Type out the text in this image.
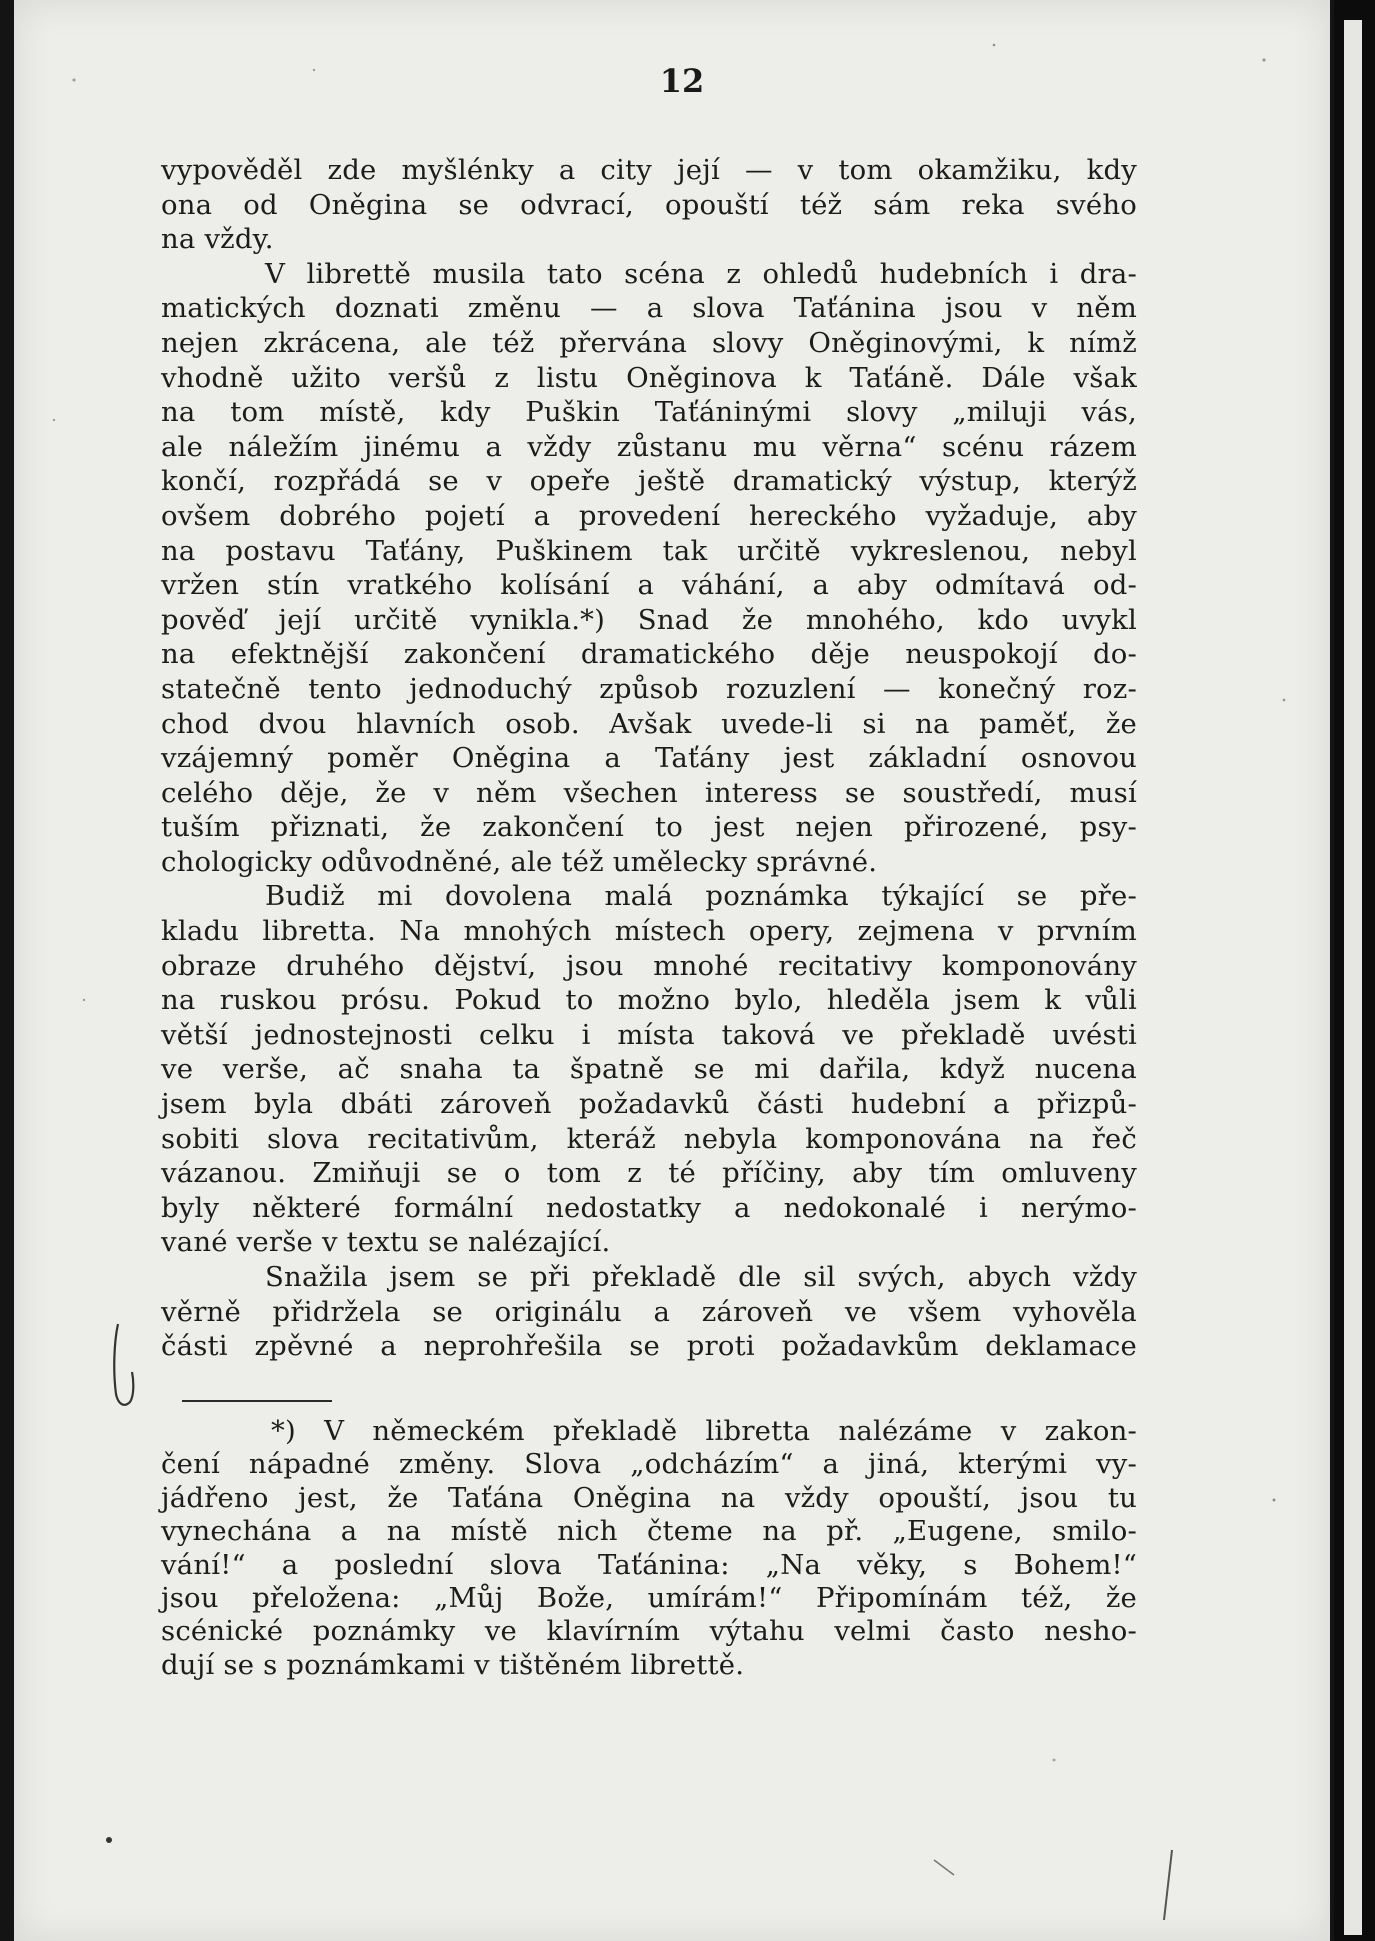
12
vypověděl zde myšlénky a city její — v tom okamžiku, kdy
ona od Oněgina se odvrací, opouští též sám reka svého
na vždy.
V librettě musila tato scéna z ohledů hudebních i dra-
matických doznati změnu — a slova Taťánina jsou v něm
nejen zkrácena, ale též přervána slovy Oněginovými, k nímž
vhodně užito veršů z listu Oněginova k Taťáně. Dále však
na tom místě, kdy Puškin Taťáninými slovy „miluji vás,
ale náležím jinému a vždy zůstanu mu věrna“ scénu rázem
končí, rozpřádá se v opeře ještě dramatický výstup, kterýž
ovšem dobrého pojetí a provedení hereckého vyžaduje, aby
na postavu Taťány, Puškinem tak určitě vykreslenou, nebyl
vržen stín vratkého kolísání a váhání, a aby odmítavá od-
pověď její určitě vynikla.*) Snad že mnohého, kdo uvykl
na efektnější zakončení dramatického děje neuspokojí do-
statečně tento jednoduchý způsob rozuzlení — konečný roz-
chod dvou hlavních osob. Avšak uvede-li si na paměť, že
vzájemný poměr Oněgina a Taťány jest základní osnovou
celého děje, že v něm všechen interess se soustředí, musí
tuším přiznati, že zakončení to jest nejen přirozené, psy-
chologicky odůvodněné, ale též umělecky správné.
Budiž mi dovolena malá poznámka týkající se pře-
kladu libretta. Na mnohých místech opery, zejmena v prvním
obraze druhého dějství, jsou mnohé recitativy komponovány
na ruskou prósu. Pokud to možno bylo, hleděla jsem k vůli
větší jednostejnosti celku i místa taková ve překladě uvésti
ve verše, ač snaha ta špatně se mi dařila, když nucena
jsem byla dbáti zároveň požadavků části hudební a přizpů-
sobiti slova recitativům, kteráž nebyla komponována na řeč
vázanou. Zmiňuji se o tom z té příčiny, aby tím omluveny
byly některé formální nedostatky a nedokonalé i nerýmo-
vané verše v textu se nalézající.
Snažila jsem se při překladě dle sil svých, abych vždy
věrně přidržela se originálu a zároveň ve všem vyhověla
části zpěvné a neprohřešila se proti požadavkům deklamace
*) V německém překladě libretta nalézáme v zakon-
čení nápadné změny. Slova „odcházím“ a jiná, kterými vy-
jádřeno jest, že Taťána Oněgina na vždy opouští, jsou tu
vynechána a na místě nich čteme na př. „Eugene, smilo-
vání!“ a poslední slova Taťánina: „Na věky, s Bohem!“
jsou přeložena: „Můj Bože, umírám!“ Připomínám též, že
scénické poznámky ve klavírním výtahu velmi často nesho-
dují se s poznámkami v tištěném librettě.
